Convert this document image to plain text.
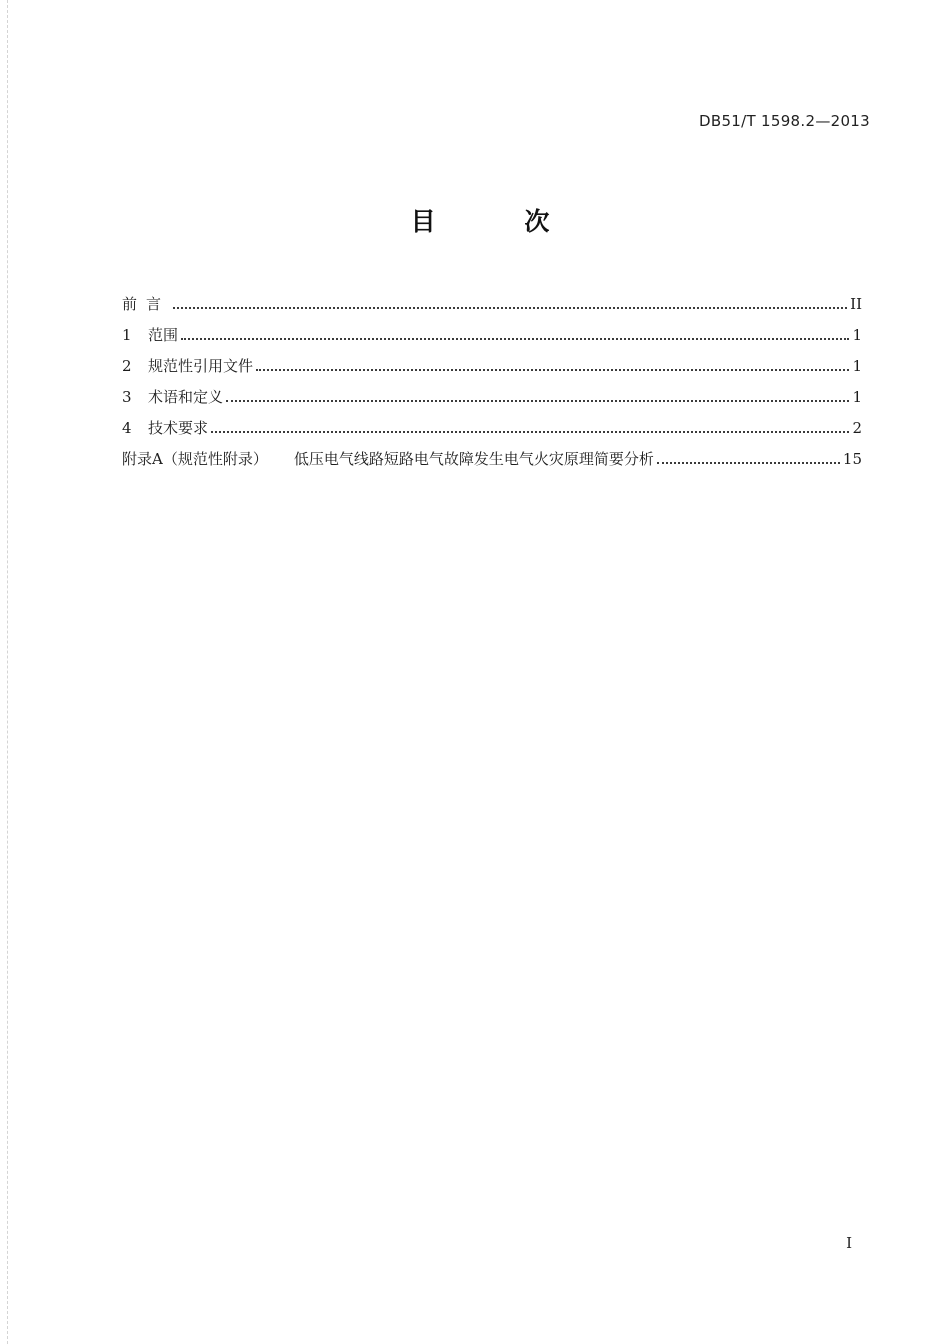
DB51/T 1598.2—2013
目 次
前言	II
1	范围	1
2	规范性引用文件	1
3	术语和定义	1
4	技术要求	2
附录A（规范性附录） 低压电气线路短路电气故障发生电气火灾原理简要分析	15
I
